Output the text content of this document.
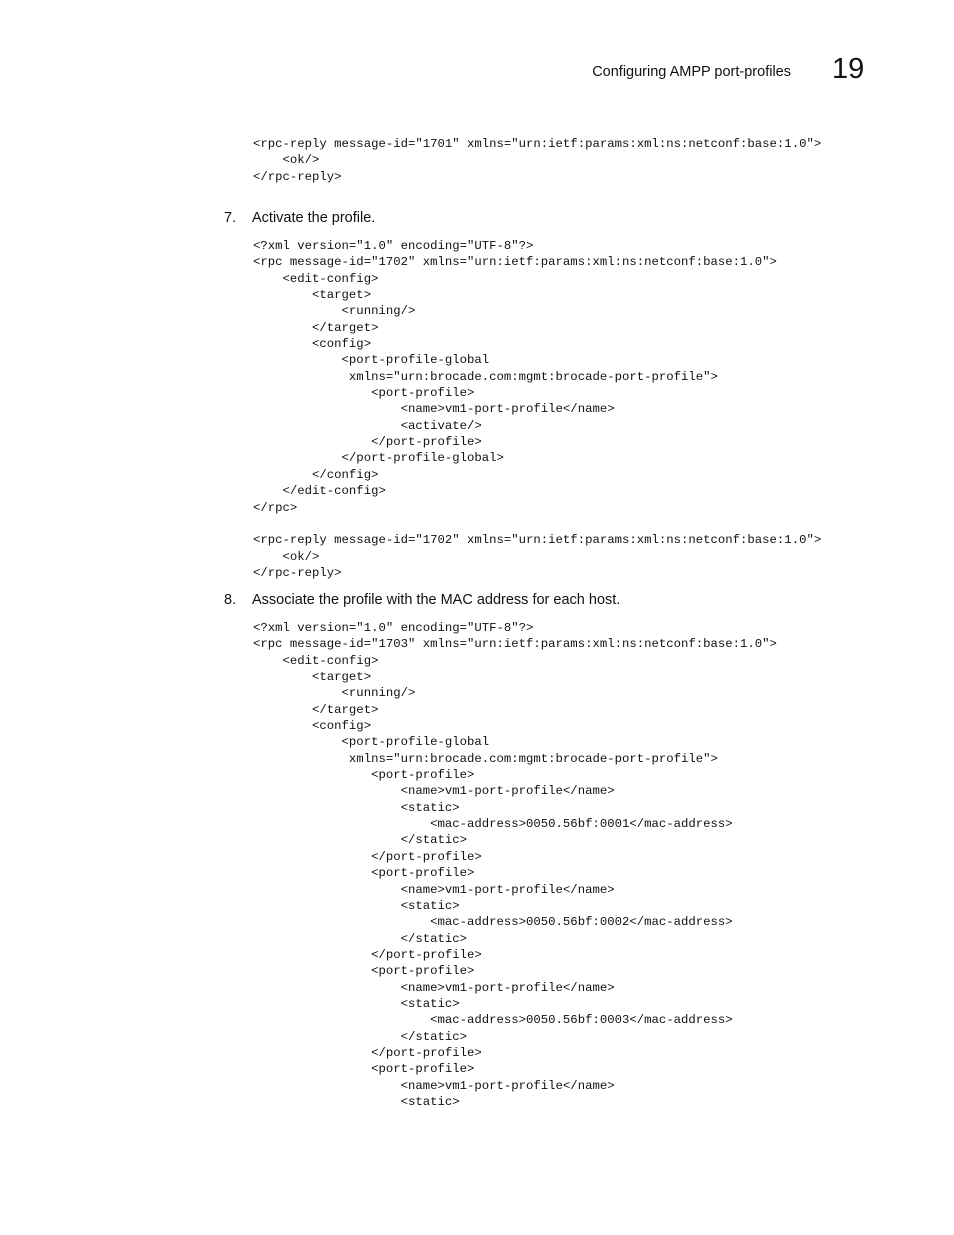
Configuring AMPP port-profiles 19
<rpc-reply message-id="1701" xmlns="urn:ietf:params:xml:ns:netconf:base:1.0">
<ok/>
</rpc-reply>
7. Activate the profile.
<?xml version="1.0" encoding="UTF-8"?>
<rpc message-id="1702" xmlns="urn:ietf:params:xml:ns:netconf:base:1.0">
<edit-config>
<target>
<running/>
</target>
<config>
<port-profile-global
xmlns="urn:brocade.com:mgmt:brocade-port-profile">
<port-profile>
<name>vm1-port-profile</name>
<activate/>
</port-profile>
</port-profile-global>
</config>
</edit-config>
</rpc>
<rpc-reply message-id="1702" xmlns="urn:ietf:params:xml:ns:netconf:base:1.0">
<ok/>
</rpc-reply>
8. Associate the profile with the MAC address for each host.
<?xml version="1.0" encoding="UTF-8"?>
<rpc message-id="1703" xmlns="urn:ietf:params:xml:ns:netconf:base:1.0">
<edit-config>
<target>
<running/>
</target>
<config>
<port-profile-global
xmlns="urn:brocade.com:mgmt:brocade-port-profile">
<port-profile>
<name>vm1-port-profile</name>
<static>
<mac-address>0050.56bf:0001</mac-address>
</static>
</port-profile>
<port-profile>
<name>vm1-port-profile</name>
<static>
<mac-address>0050.56bf:0002</mac-address>
</static>
</port-profile>
<port-profile>
<name>vm1-port-profile</name>
<static>
<mac-address>0050.56bf:0003</mac-address>
</static>
</port-profile>
<port-profile>
<name>vm1-port-profile</name>
<static>
